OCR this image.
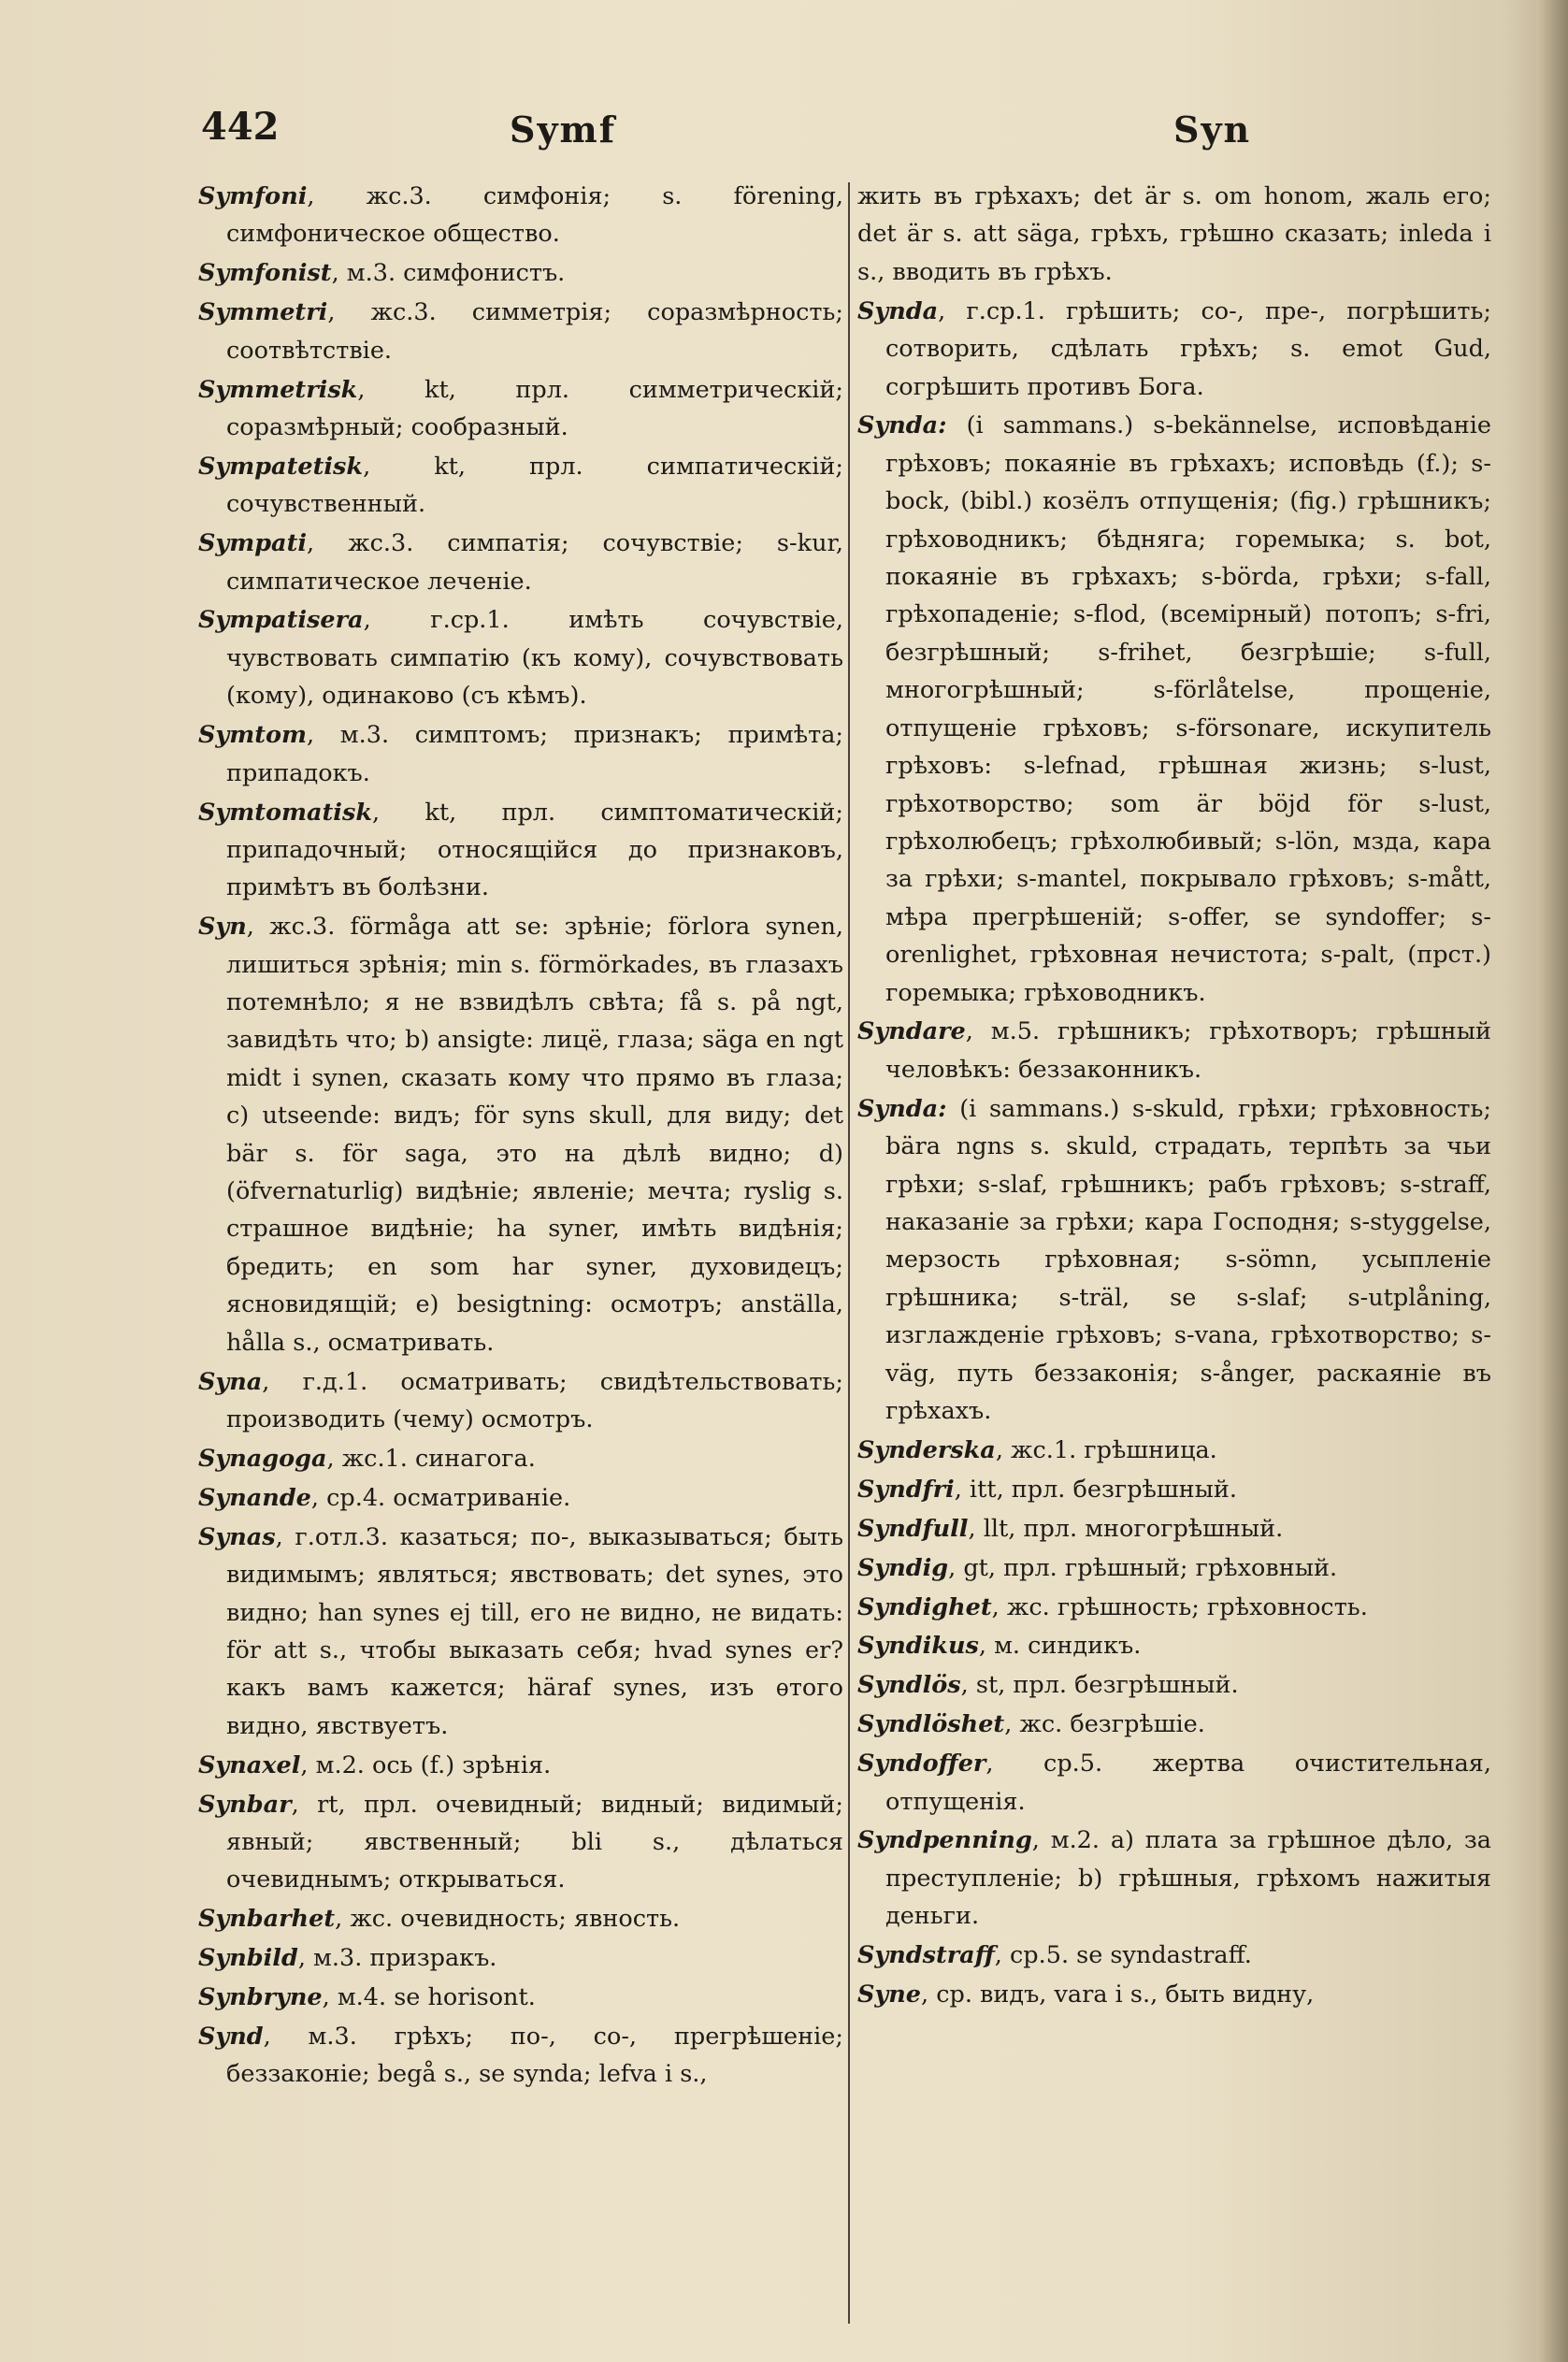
442	Symf	Syn
Symfoni, жс.3. симфонія; s. förening, симфоническое общество.
Symfonist, м.3. симфонистъ.
Symmetri, жс.3. симметрія; соразмѣрность; соотвѣтствіе.
Symmetrisk, kt, прл. симметрическій; соразмѣрный; сообразный.
Sympatetisk, kt, прл. симпатическій; сочувственный.
Sympati, жс.3. симпатія; сочувствіе; s-kur, симпатическое леченіе.
Sympatisera, г.ср.1. имѣть сочувствіе, чувствовать симпатію (къ кому), сочувствовать (кому), одинаково (съ кѣмъ).
Symtom, м.3. симптомъ; признакъ; примѣта; припадокъ.
Symtomatisk, kt, прл. симптоматическій; припадочный; относящійся до признаковъ, примѣтъ въ болѣзни.
Syn, жс.3. förmåga att se: зрѣніе; förlora synen, лишиться зрѣнія; min s. förmörkades, въ глазахъ потемнѣло; я не взвидѣлъ свѣта; få s. på ngt, завидѣть что; b) ansigte: лицё, глаза; säga en ngt midt i synen, сказать кому что прямо въ глаза; c) utseende: видъ; för syns skull, для виду; det bär s. för saga, это на дѣлѣ видно; d) (öfvernaturlig) видѣніе; явленіе; мечта; ryslig s. страшное видѣніе; ha syner, имѣть видѣнія; бредить; en som har syner, духовидецъ; ясновидящій; e) besigtning: осмотръ; anställa, hålla s., осматривать.
Syna, г.д.1. осматривать; свидѣтельствовать; производить (чему) осмотръ.
Synagoga, жс.1. синагога.
Synande, ср.4. осматриваніе.
Synas, г.отл.3. казаться; по-, выказываться; быть видимымъ; являться; явствовать; det synes, это видно; han synes ej till, его не видно, не видать: för att s., чтобы выказать себя; hvad synes er? какъ вамъ кажется; häraf synes, изъ ѳтого видно, явствуетъ.
Synaxel, м.2. ось (f.) зрѣнія.
Synbar, rt, прл. очевидный; видный; видимый; явный; явственный; bli s., дѣлаться очевиднымъ; открываться.
Synbarhet, жс. очевидность; явность.
Synbild, м.3. призракъ.
Synbryne, м.4. se horisont.
Synd, м.3. грѣхъ; по-, со-, прегрѣшеніе; беззаконіе; begå s., se synda; lefva i s.,
жить въ грѣхахъ; det är s. om honom, жаль его; det är s. att säga, грѣхъ, грѣшно сказать; inleda i s., вводить въ грѣхъ.
Synda, г.ср.1. грѣшить; со-, пре-, погрѣшить; сотворить, сдѣлать грѣхъ; s. emot Gud, согрѣшить противъ Бога.
Synda: (i sammans.) s-bekännelse, исповѣданіе грѣховъ; покаяніе въ грѣхахъ; исповѣдь (f.); s-bock, (bibl.) козёлъ отпущенія; (fig.) грѣшникъ; грѣховодникъ; бѣдняга; горемыка; s. bot, покаяніе въ грѣхахъ; s-börda, грѣхи; s-fall, грѣхопаденіе; s-flod, (всемірный) потопъ; s-fri, безгрѣшный; s-frihet, безгрѣшіе; s-full, многогрѣшный; s-förlåtelse, прощеніе, отпущеніе грѣховъ; s-försonare, искупитель грѣховъ: s-lefnad, грѣшная жизнь; s-lust, грѣхотворство; som är böjd för s-lust, грѣхолюбецъ; грѣхолюбивый; s-lön, мзда, кара за грѣхи; s-mantel, покрывало грѣховъ; s-mått, мѣра прегрѣшеній; s-offer, se syndoffer; s-orenlighet, грѣховная нечистота; s-palt, (прст.) горемыка; грѣховодникъ.
Syndare, м.5. грѣшникъ; грѣхотворъ; грѣшный человѣкъ: беззаконникъ.
Synda: (i sammans.) s-skuld, грѣхи; грѣховность; bära ngns s. skuld, страдать, терпѣть за чьи грѣхи; s-slaf, грѣшникъ; рабъ грѣховъ; s-straff, наказаніе за грѣхи; кара Господня; s-styggelse, мерзость грѣховная; s-sömn, усыпленіе грѣшника; s-träl, se s-slaf; s-utplåning, изглажденіе грѣховъ; s-vana, грѣхотворство; s-väg, путь беззаконія; s-ånger, раскаяніе въ грѣхахъ.
Synderska, жс.1. грѣшница.
Syndfri, itt, прл. безгрѣшный.
Syndfull, llt, прл. многогрѣшный.
Syndig, gt, прл. грѣшный; грѣховный.
Syndighet, жс. грѣшность; грѣховность.
Syndikus, м. синдикъ.
Syndlös, st, прл. безгрѣшный.
Syndlöshet, жс. безгрѣшіе.
Syndoffer, ср.5. жертва очистительная, отпущенія.
Syndpenning, м.2. a) плата за грѣшное дѣло, за преступленіе; b) грѣшныя, грѣхомъ нажитыя деньги.
Syndstraff, ср.5. se syndastraff.
Syne, ср. видъ, vara i s., быть видну,
